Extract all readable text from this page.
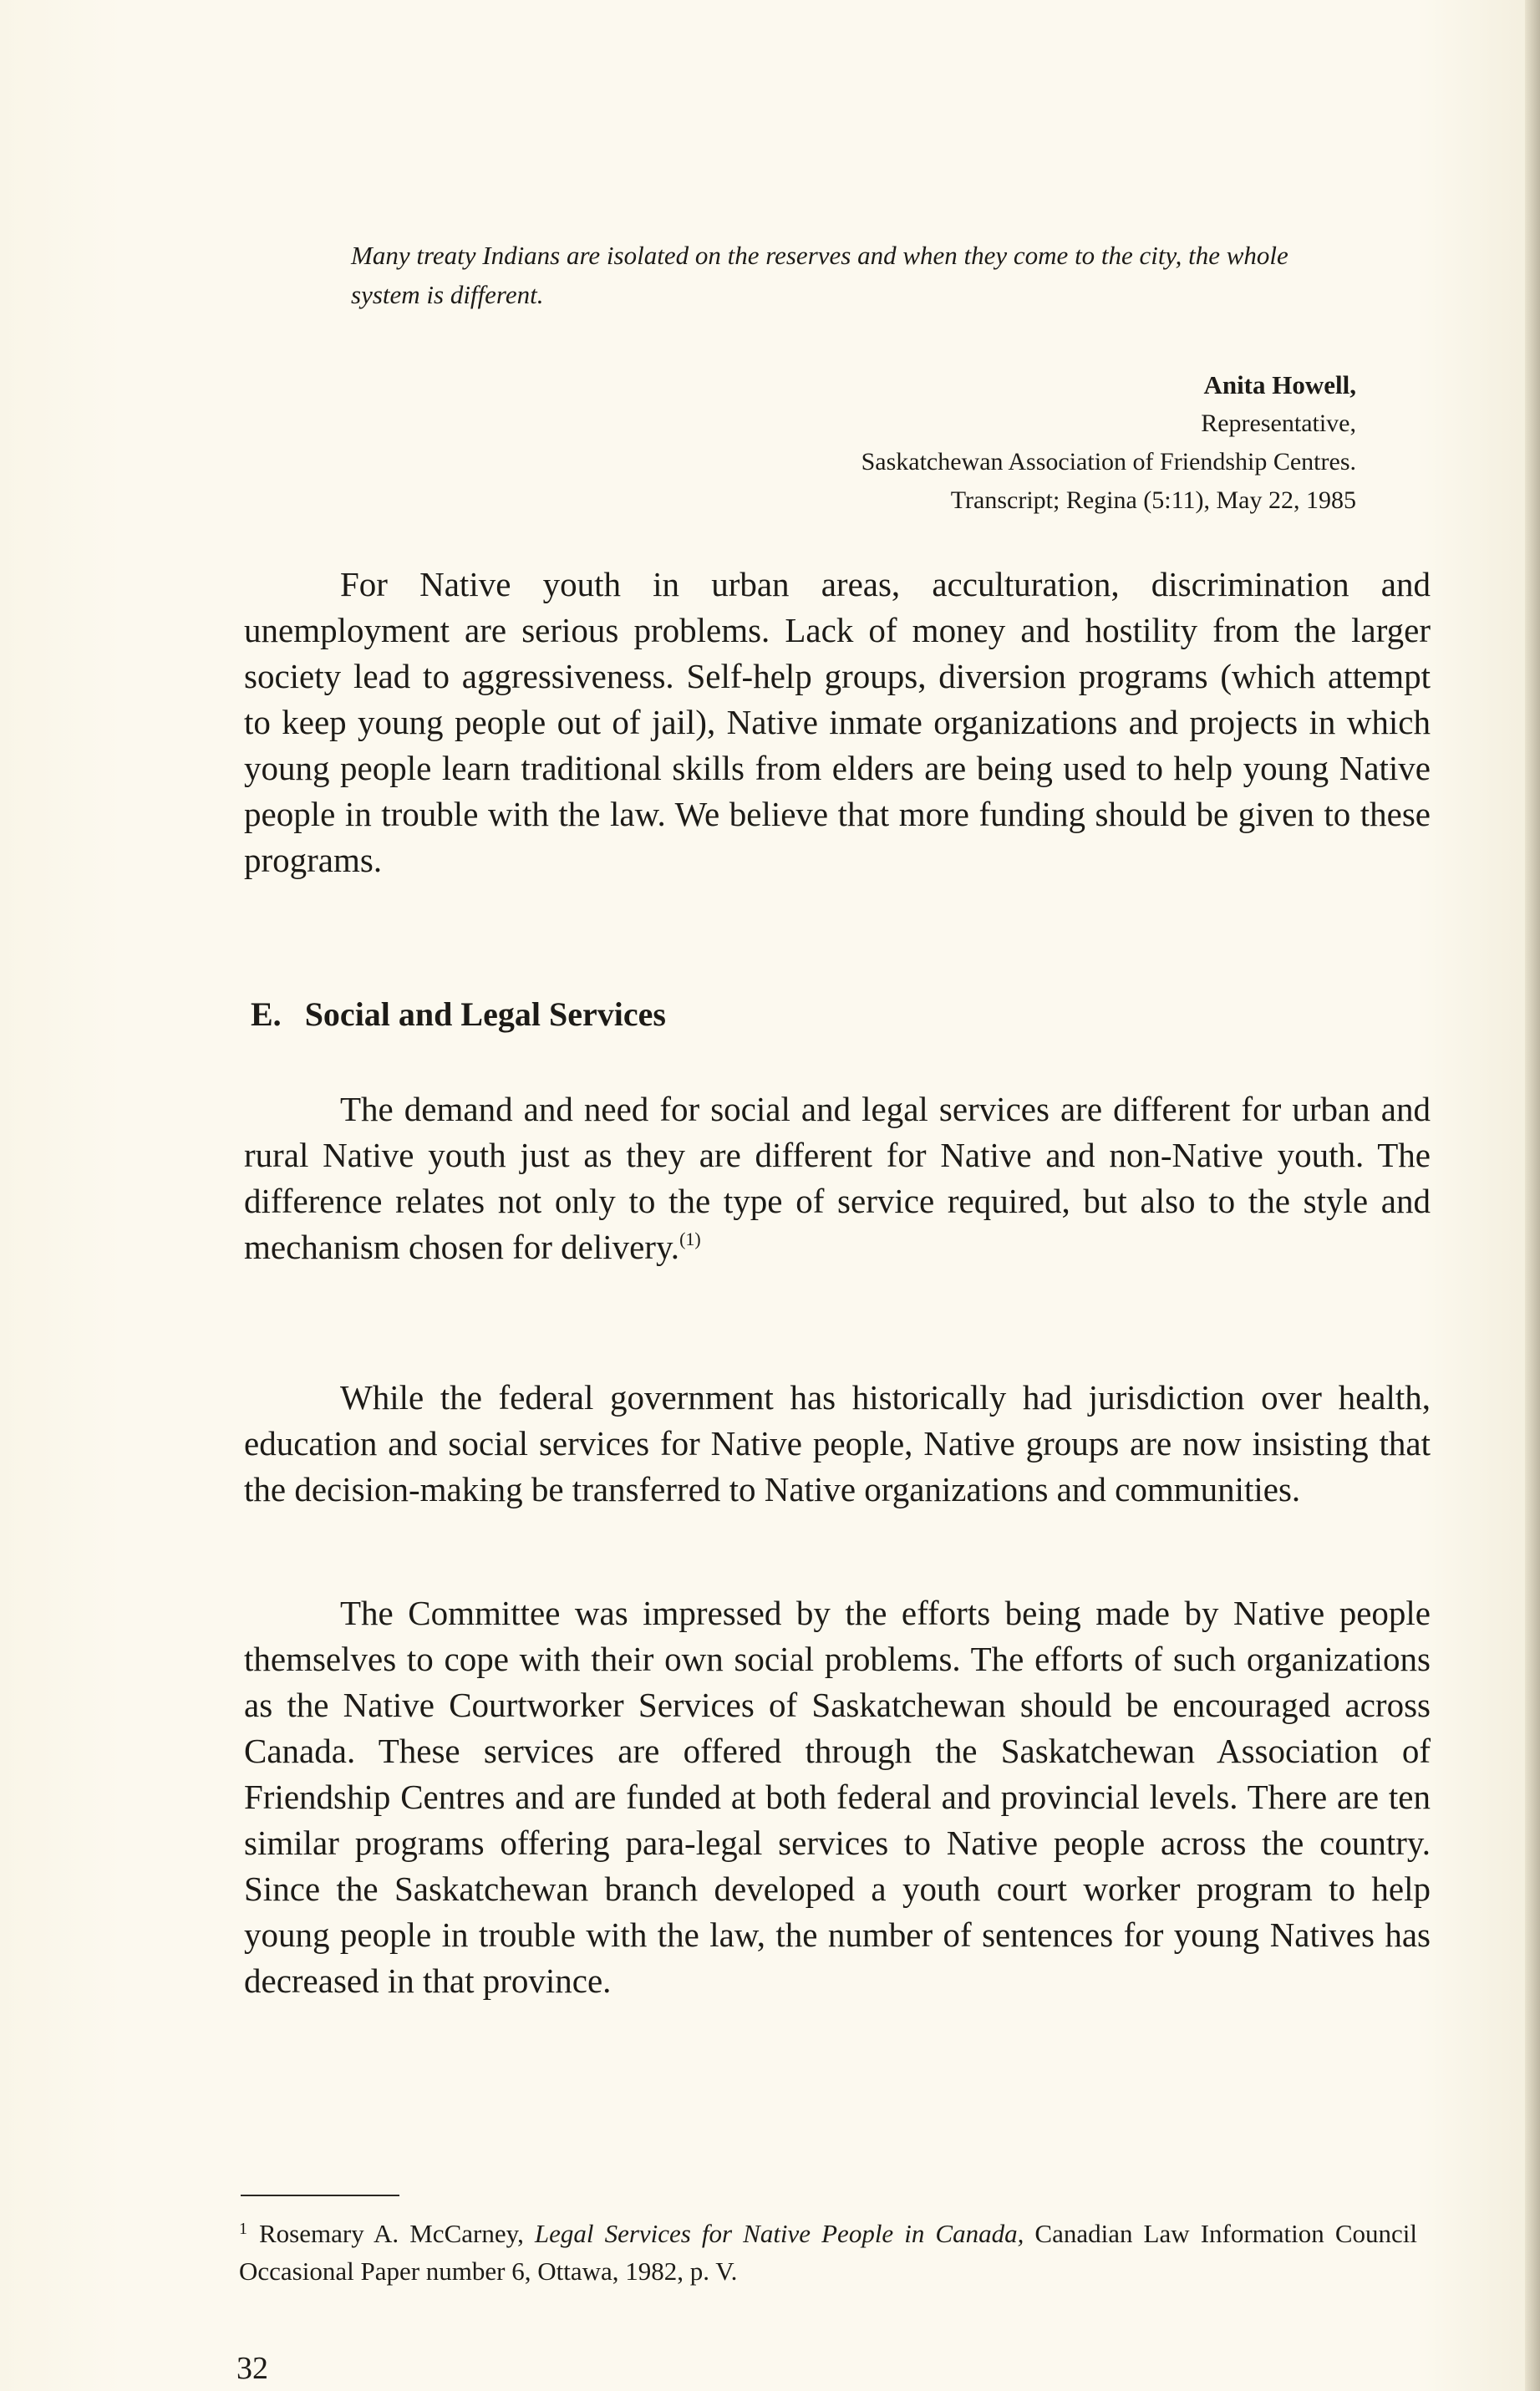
Many treaty Indians are isolated on the reserves and when they come to the city, the whole system is different.
Anita Howell,
Representative,
Saskatchewan Association of Friendship Centres.
Transcript; Regina (5:11), May 22, 1985

For Native youth in urban areas, acculturation, discrimination and unemployment are serious problems. Lack of money and hostility from the larger society lead to aggressiveness. Self-help groups, diversion programs (which attempt to keep young people out of jail), Native inmate organizations and projects in which young people learn traditional skills from elders are being used to help young Native people in trouble with the law. We believe that more funding should be given to these programs.

E. Social and Legal Services

The demand and need for social and legal services are different for urban and rural Native youth just as they are different for Native and non-Native youth. The difference relates not only to the type of service required, but also to the style and mechanism chosen for delivery.$^{(1)}$

While the federal government has historically had jurisdiction over health, education and social services for Native people, Native groups are now insisting that the decision-making be transferred to Native organizations and communities.

The Committee was impressed by the efforts being made by Native people themselves to cope with their own social problems. The efforts of such organizations as the Native Courtworker Services of Saskatchewan should be encouraged across Canada. These services are offered through the Saskatchewan Association of Friendship Centres and are funded at both federal and provincial levels. There are ten similar programs offering para-legal services to Native people across the country. Since the Saskatchewan branch developed a youth court worker program to help young people in trouble with the law, the number of sentences for young Natives has decreased in that province.

$^1$ Rosemary A. McCarney, Legal Services for Native People in Canada, Canadian Law Information Council Occasional Paper number 6, Ottawa, 1982, p. V.
32
